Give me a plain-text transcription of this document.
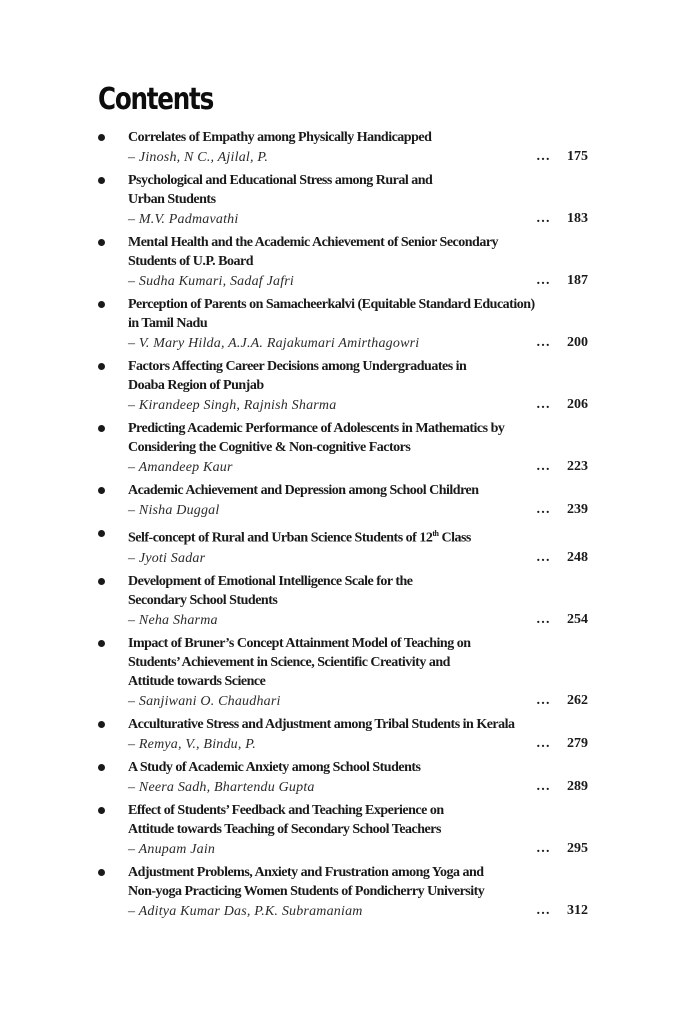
Contents
Correlates of Empathy among Physically Handicapped
– Jinosh, N C., Ajilal, P.	… 175
Psychological and Educational Stress among Rural and
Urban Students
– M.V. Padmavathi	… 183
Mental Health and the Academic Achievement of Senior Secondary
Students of U.P. Board
– Sudha Kumari, Sadaf Jafri	… 187
Perception of Parents on Samacheerkalvi (Equitable Standard Education)
in Tamil Nadu
– V. Mary Hilda, A.J.A. Rajakumari Amirthagowri	… 200
Factors Affecting Career Decisions among Undergraduates in
Doaba Region of Punjab
– Kirandeep Singh, Rajnish Sharma	… 206
Predicting Academic Performance of Adolescents in Mathematics by
Considering the Cognitive & Non-cognitive Factors
– Amandeep Kaur	… 223
Academic Achievement and Depression among School Children
– Nisha Duggal	… 239
Self-concept of Rural and Urban Science Students of 12th Class
– Jyoti Sadar	… 248
Development of Emotional Intelligence Scale for the
Secondary School Students
– Neha Sharma	… 254
Impact of Bruner’s Concept Attainment Model of Teaching on
Students’ Achievement in Science, Scientific Creativity and
Attitude towards Science
– Sanjiwani O. Chaudhari	… 262
Acculturative Stress and Adjustment among Tribal Students in Kerala
– Remya, V., Bindu, P.	… 279
A Study of Academic Anxiety among School Students
– Neera Sadh, Bhartendu Gupta	… 289
Effect of Students’ Feedback and Teaching Experience on
Attitude towards Teaching of Secondary School Teachers
– Anupam Jain	… 295
Adjustment Problems, Anxiety and Frustration among Yoga and
Non-yoga Practicing Women Students of Pondicherry University
– Aditya Kumar Das, P.K. Subramaniam	… 312
